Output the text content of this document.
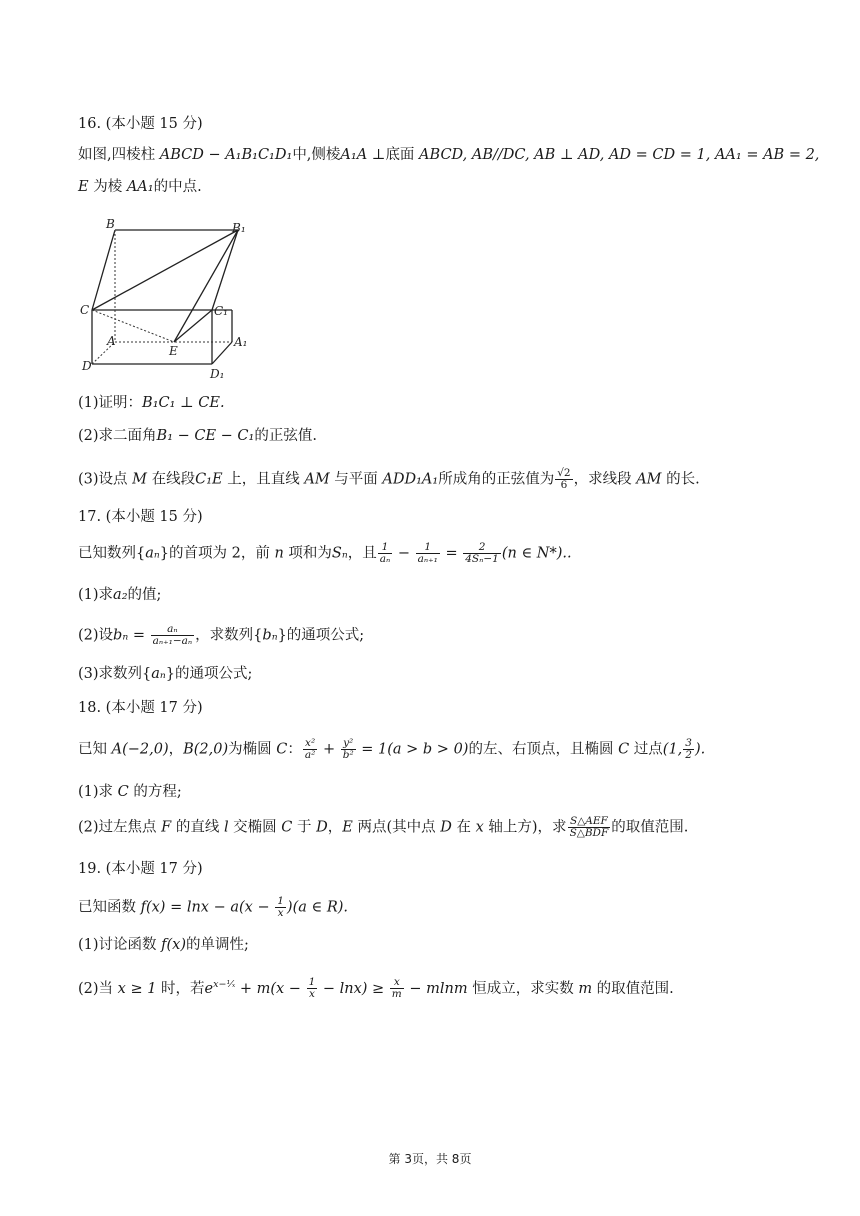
16. (本小题 15 分)
如图,四棱柱 ABCD − A₁B₁C₁D₁中,侧棱A₁A ⊥底面 ABCD, AB//DC, AB ⊥ AD, AD = CD = 1, AA₁ = AB = 2,
E 为棱 AA₁的中点.
B	B₁
C	C₁
A
E
A₁
D
D₁
(1)证明：B₁C₁ ⊥ CE.
(2)求二面角B₁ − CE − C₁的正弦值.
(3)设点 M 在线段C₁E 上，且直线 AM 与平面 ADD₁A₁所成角的正弦值为 $\frac{√2}{6}$ ，求线段 AM 的长.
17. (本小题 15 分)
已知数列{aₙ}的首项为 2，前 n 项和为Sₙ，且 $\frac{1}{\text{aₙ}} - \frac{1}{\text{aₙ₊₁}} = \frac{2}{\text{4Sₙ−1}} (n$ ∈ N*)..
(1)求a₂的值;
(2)设$b_n = \frac{\text{aₙ}}{\text{aₙ₊₁−aₙ}}$ ，求数列{bₙ}的通项公式;
(3)求数列{aₙ}的通项公式;
18. (本小题 17 分)
已知 A(−2,0)，B(2,0)为椭圆 C： $\frac{\text{x²}}{\text{a²}} + \frac{\text{y²}}{\text{b²}} = 1(a > b > 0)$的左、右顶点，且椭圆 C 过点(1, $\frac{3}{2}$ ).
(1)求 C 的方程;
(2)过左焦点 F 的直线 l 交椭圆 C 于 D，E 两点(其中点 D 在 x 轴上方)，求 $\frac{\text{S△AEF}}{\text{S△BDF}}$ 的取值范围.
19. (本小题 17 分)
已知函数 $f(x) = \ln x - a(x - \frac{1}{x} )(a$ ∈ R).
(1)讨论函数 f(x)的单调性;
(2)当 x ≥ 1 时，若$e^{x-^1⁄_x} + m(x - \frac{1}{x} - \ln x) \ge \frac{x}{m} - mlnm$ 恒成立，求实数 m 的取值范围.
第 3页，共 8页
